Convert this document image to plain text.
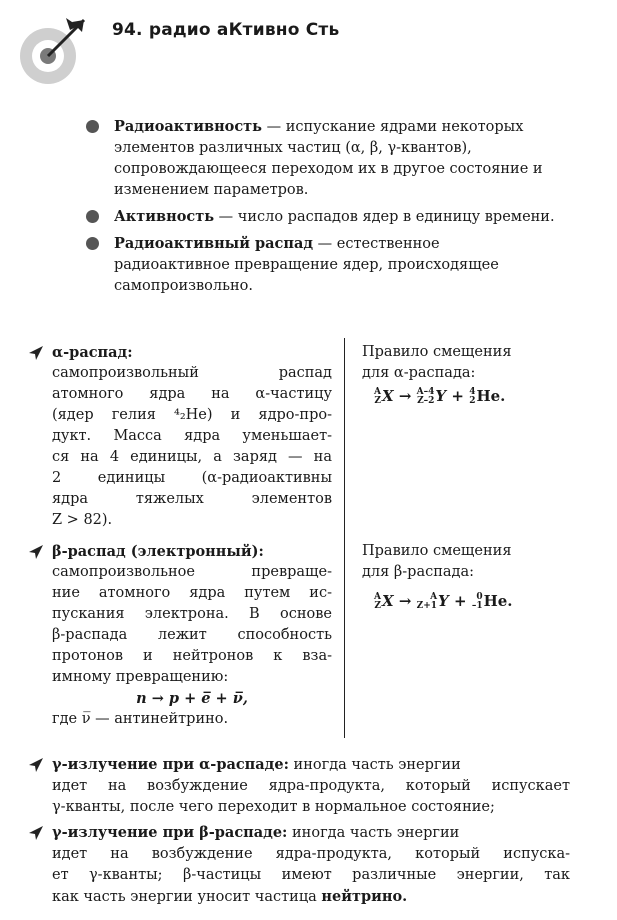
94. радио аКтивно Сть
Радиоактивность — испускание ядрами некоторых элементов различных частиц (α, β, γ-квантов), сопровождающееся переходом их в другое состояние и изменением параметров.
Активность — число распадов ядер в единицу времени.
Радиоактивный распад — естественное радиоактивное превращение ядер, происходящее самопроизвольно.
α-распад:
самопроизвольный распад
атомного ядра на α-частицу
(ядер гелия ⁴₂He) и ядро-про-
дукт. Масса ядра уменьшает-
ся на 4 единицы, а заряд — на
2 единицы (α-радиоактивны
ядра тяжелых элементов
Z > 82).
Правило смещения
для α-распада:
A
Z X → A–4
Z–2 Y + 4
2 He.
β-распад (электронный):
самопроизвольное превраще-
ние атомного ядра путем ис-
пускания электрона. В основе
β-распада лежит способность
протонов и нейтронов к вза-
имному превращению:
n → p + e̅ + ν̅,
где ν̅ — антинейтрино.
Правило смещения
для β-распада:
A
Z X →	A
Z+1 Y +	0
–1 He.
γ-излучение при α-распаде: иногда часть энергии
идет на возбуждение ядра-продукта, который испускает
γ-кванты, после чего переходит в нормальное состояние;
γ-излучение при β-распаде: иногда часть энергии
идет на возбуждение ядра-продукта, который испуска-
ет γ-кванты; β-частицы имеют различные энергии, так
как часть энергии уносит частица нейтрино.
